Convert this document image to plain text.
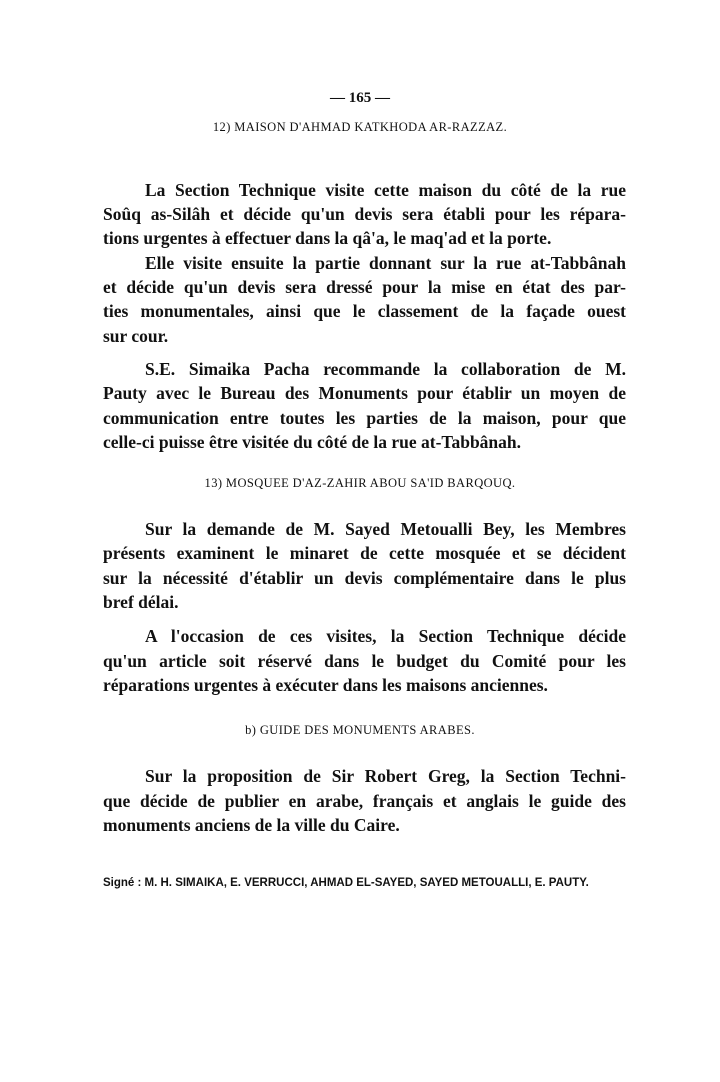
— 165 —
12) MAISON D'AHMAD KATKHODA AR-RAZZAZ.
La Section Technique visite cette maison du côté de la rue
Soûq as-Silâh et décide qu'un devis sera établi pour les répara-
tions urgentes à effectuer dans la qâ'a, le maq'ad et la porte.
Elle visite ensuite la partie donnant sur la rue at-Tabbânah
et décide qu'un devis sera dressé pour la mise en état des par-
ties monumentales, ainsi que le classement de la façade ouest
sur cour.
S.E. Simaika Pacha recommande la collaboration de M.
Pauty avec le Bureau des Monuments pour établir un moyen de
communication entre toutes les parties de la maison, pour que
celle-ci puisse être visitée du côté de la rue at-Tabbânah.
13) MOSQUEE D'AZ-ZAHIR ABOU SA'ID BARQOUQ.
Sur la demande de M. Sayed Metoualli Bey, les Membres
présents examinent le minaret de cette mosquée et se décident
sur la nécessité d'établir un devis complémentaire dans le plus
bref délai.
A l'occasion de ces visites, la Section Technique décide
qu'un article soit réservé dans le budget du Comité pour les
réparations urgentes à exécuter dans les maisons anciennes.
b) GUIDE DES MONUMENTS ARABES.
Sur la proposition de Sir Robert Greg, la Section Techni-
que décide de publier en arabe, français et anglais le guide des
monuments anciens de la ville du Caire.
Signé : M. H. SIMAIKA, E. VERRUCCI, AHMAD EL-SAYED, SAYED METOUALLI, E. PAUTY.
